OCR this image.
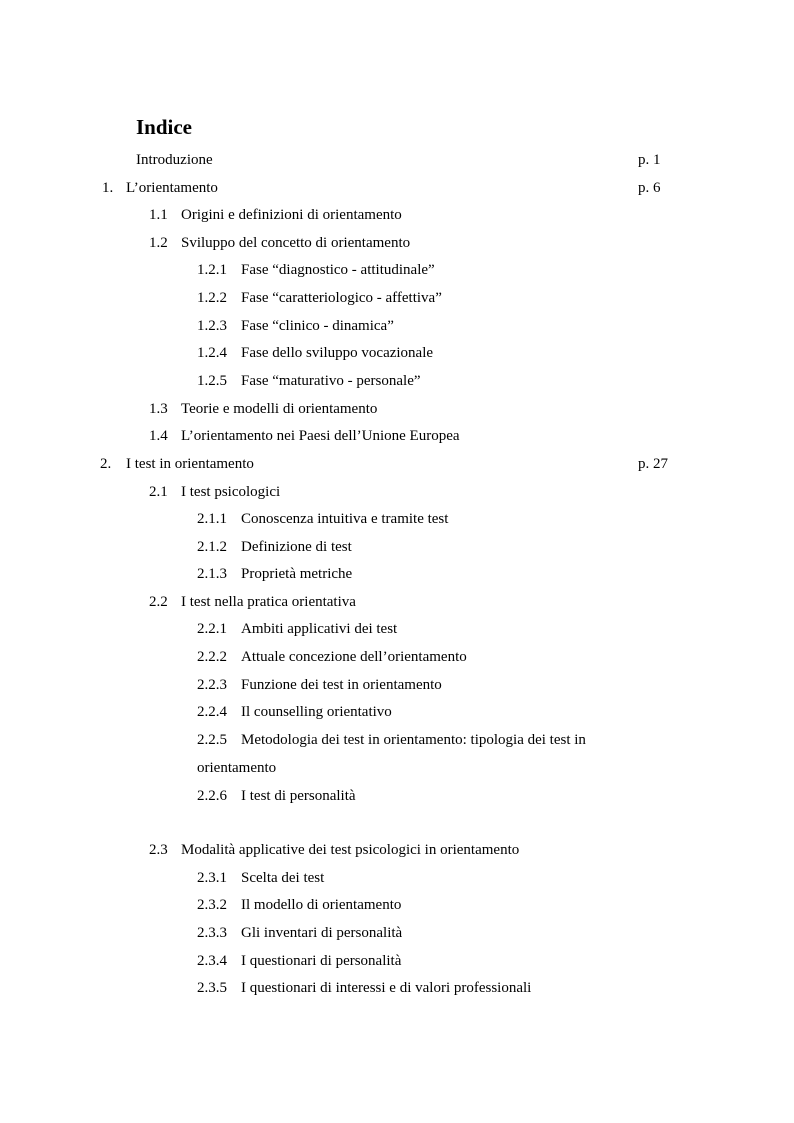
Indice
Introduzione	p. 1
1. L’orientamento	p. 6
1.1 Origini e definizioni di orientamento
1.2 Sviluppo del concetto di orientamento
1.2.1 Fase “diagnostico - attitudinale”
1.2.2 Fase “caratteriologico - affettiva”
1.2.3 Fase “clinico - dinamica”
1.2.4 Fase dello sviluppo vocazionale
1.2.5 Fase “maturativo - personale”
1.3 Teorie e modelli di orientamento
1.4 L’orientamento nei Paesi dell’Unione Europea
2. I test in orientamento	p. 27
2.1 I test psicologici
2.1.1 Conoscenza intuitiva e tramite test
2.1.2 Definizione di test
2.1.3 Proprietà metriche
2.2 I test nella pratica orientativa
2.2.1 Ambiti applicativi dei test
2.2.2 Attuale concezione dell’orientamento
2.2.3 Funzione dei test in orientamento
2.2.4 Il counselling orientativo
2.2.5 Metodologia dei test in orientamento: tipologia dei test in
orientamento
2.2.6 I test di personalità
2.3 Modalità applicative dei test psicologici in orientamento
2.3.1 Scelta dei test
2.3.2 Il modello di orientamento
2.3.3 Gli inventari di personalità
2.3.4 I questionari di personalità
2.3.5 I questionari di interessi e di valori professionali
